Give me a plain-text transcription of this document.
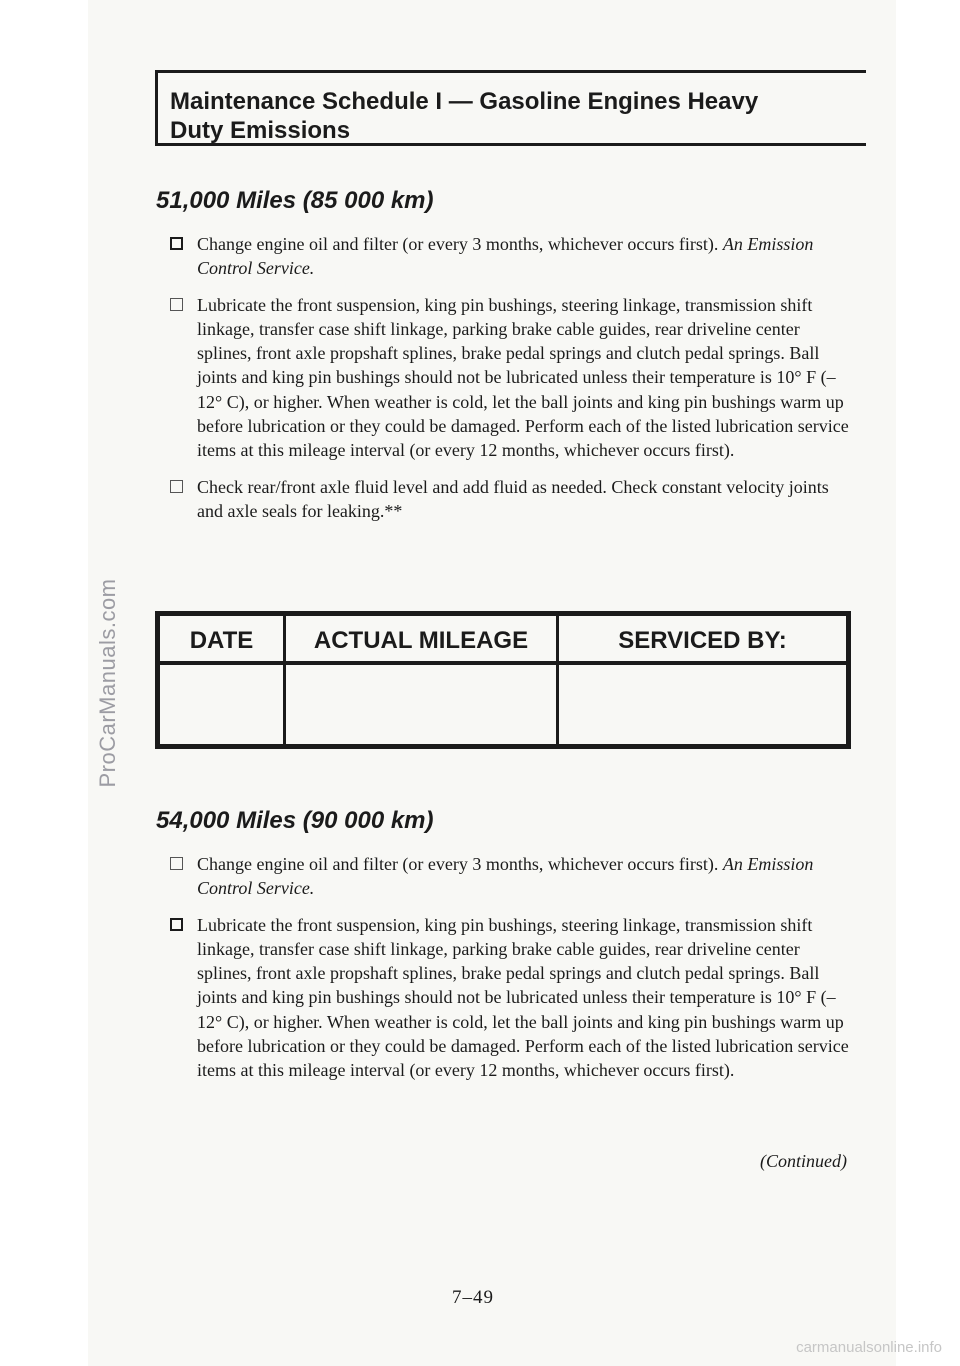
ProCarManuals.com
Maintenance Schedule I — Gasoline Engines Heavy
Duty Emissions
51,000 Miles (85 000 km)
Change engine oil and filter (or every 3 months, whichever occurs first). An Emission Control Service.
Lubricate the front suspension, king pin bushings, steering linkage, transmission shift linkage, transfer case shift linkage, parking brake cable guides, rear driveline center splines, front axle propshaft splines, brake pedal springs and clutch pedal springs. Ball joints and king pin bushings should not be lubricated unless their temperature is 10° F (–12° C), or higher. When weather is cold, let the ball joints and king pin bushings warm up before lubrication or they could be damaged. Perform each of the listed lubrication service items at this mileage interval (or every 12 months, whichever occurs first).
Check rear/front axle fluid level and add fluid as needed. Check constant velocity joints and axle seals for leaking.**
DATE	ACTUAL MILEAGE	SERVICED BY:

54,000 Miles (90 000 km)
Change engine oil and filter (or every 3 months, whichever occurs first). An Emission Control Service.
Lubricate the front suspension, king pin bushings, steering linkage, transmission shift linkage, transfer case shift linkage, parking brake cable guides, rear driveline center splines, front axle propshaft splines, brake pedal springs and clutch pedal springs. Ball joints and king pin bushings should not be lubricated unless their temperature is 10° F (–12° C), or higher. When weather is cold, let the ball joints and king pin bushings warm up before lubrication or they could be damaged. Perform each of the listed lubrication service items at this mileage interval (or every 12 months, whichever occurs first).
(Continued)
7–49
carmanualsonline.info
